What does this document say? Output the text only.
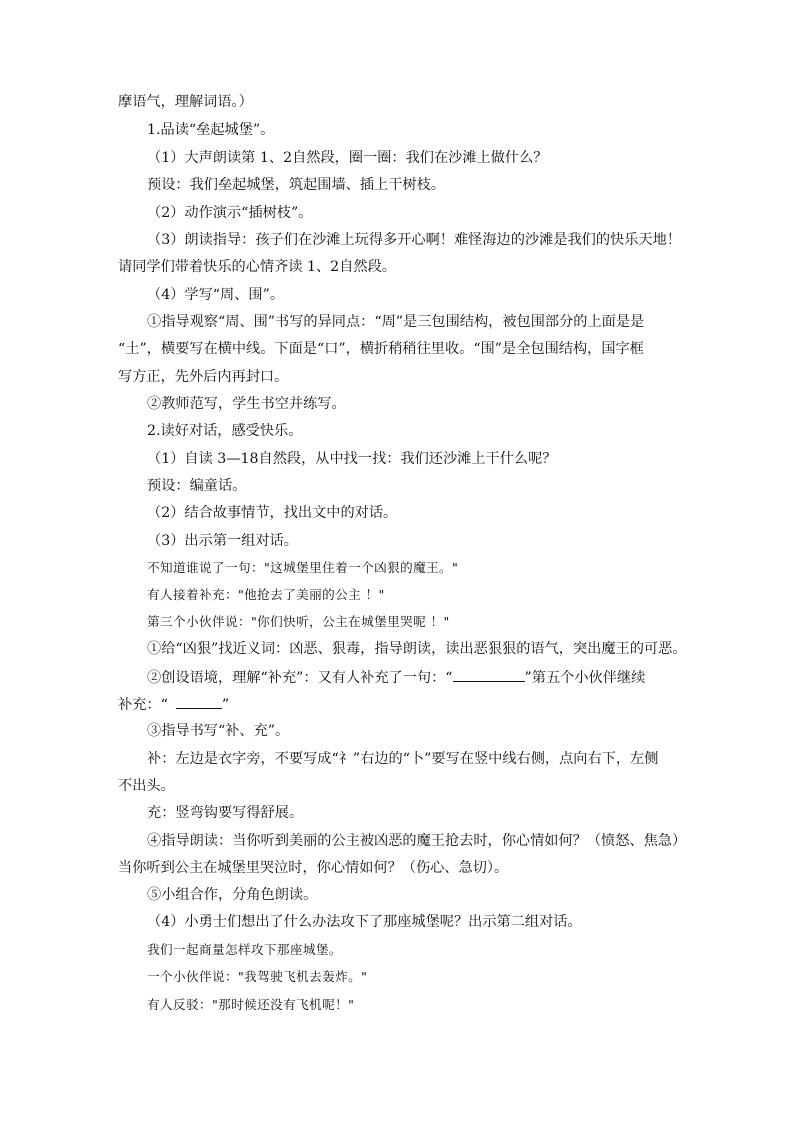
摩语气，理解词语。）
1.品读“垒起城堡”。
（1）大声朗读第 1、2自然段，圈一圈：我们在沙滩上做什么？
预设：我们垒起城堡，筑起围墙、插上干树枝。
（2）动作演示“插树枝”。
（3）朗读指导：孩子们在沙滩上玩得多开心啊！难怪海边的沙滩是我们的快乐天地！
请同学们带着快乐的心情齐读 1、2自然段。
（4）学写“周、围”。
①指导观察“周、围”书写的异同点：“周”是三包围结构，被包围部分的上面是是
“土”，横要写在横中线。下面是“口”，横折稍稍往里收。“围”是全包围结构，国字框
写方正，先外后内再封口。
②教师范写，学生书空并练写。
2.读好对话，感受快乐。
（1）自读 3—18自然段，从中找一找：我们还沙滩上干什么呢？
预设：编童话。
（2）结合故事情节，找出文中的对话。
（3）出示第一组对话。
不知道谁说了一句："这城堡里住着一个凶狠的魔王。"
有人接着补充："他抢去了美丽的公主 ！"
第三个小伙伴说："你们快听，公主在城堡里哭呢 ！"
①给“凶狠”找近义词：凶恶、狠毒，指导朗读，读出恶狠狠的语气，突出魔王的可恶。
②创设语境，理解“补充”：又有人补充了一句：“	”第五个小伙伴继续
补充：“	”
③指导书写“补、充”。
补：左边是衣字旁，不要写成“礻”右边的“卜”要写在竖中线右侧，点向右下，左侧
不出头。
充：竖弯钩要写得舒展。
④指导朗读：当你听到美丽的公主被凶恶的魔王抢去时，你心情如何？（愤怒、焦急）
当你听到公主在城堡里哭泣时，你心情如何？（伤心、急切）。
⑤小组合作，分角色朗读。
（4）小勇士们想出了什么办法攻下了那座城堡呢？出示第二组对话。
我们一起商量怎样攻下那座城堡。
一个小伙伴说："我驾驶飞机去轰炸。"
有人反驳："那时候还没有飞机呢！"
